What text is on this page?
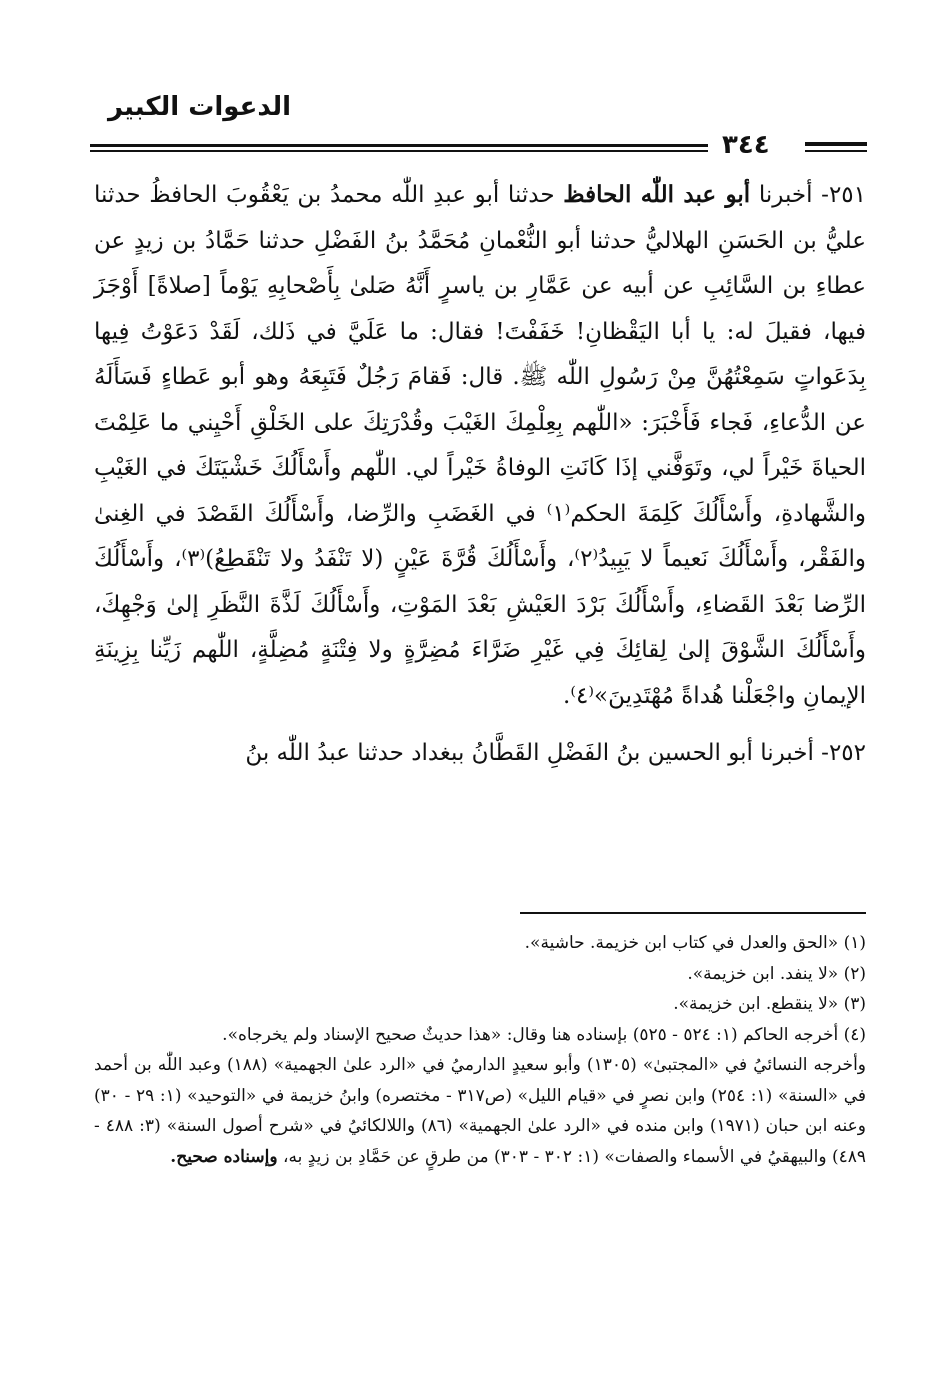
الدعوات الكبير
٣٤٤

٢٥١- أخبرنا أبو عبد اللّٰه الحافظ حدثنا أبو عبدِ اللّٰه محمدُ بن يَعْقُوبَ الحافظُ حدثنا عليُّ بن الحَسَنِ الهلاليُّ حدثنا أبو النُّعْمانِ مُحَمَّدُ بنُ الفَضْلِ حدثنا حَمَّادُ بن زيدٍ عن عطاءِ بن السَّائِبِ عن أبيه عن عَمَّارِ بن ياسرٍ أَنَّهُ صَلىٰ بِأَصْحابِهِ يَوْماً [صلاةً] أَوْجَزَ فيها، فقيلَ له: يا أبا اليَقْظانِ! خَفَفْتَ! فقال: ما عَلَيَّ في ذَلك، لَقَدْ دَعَوْتُ فِيها بِدَعَواتٍ سَمِعْتُهُنَّ مِنْ رَسُولِ اللّٰه ﷺ. قال: فَقامَ رَجُلٌ فَتَبِعَهُ وهو أبو عَطاءٍ فَسَأَلَهُ عن الدُّعاءِ، فَجاء فَأَخْبَرَ: «اللّٰهم بِعِلْمِكَ الغَيْبَ وقُدْرَتِكَ على الخَلْقِ أَحْيِني ما عَلِمْتَ الحياةَ خَيْراً لي، وتَوَفَّني إذَا كَانَتِ الوفاةُ خَيْراً لي. اللّٰهم وأَسْأَلُكَ خَشْيَتَكَ في الغَيْبِ والشَّهادةِ، وأَسْأَلُكَ كَلِمَةَ الحكم⁽١⁾ في الغَضَبِ والرِّضا، وأَسْأَلُكَ القَصْدَ في الغِنىٰ والفَقْر، وأَسْأَلُكَ نَعيماً لا يَبِيدُ⁽٢⁾، وأَسْأَلُكَ قُرَّةَ عَيْنٍ (لا تَنْفَدُ ولا تَنْقَطِعُ)⁽٣⁾، وأَسْأَلُكَ الرِّضا بَعْدَ القَضاءِ، وأَسْأَلُكَ بَرْدَ العَيْشِ بَعْدَ المَوْتِ، وأَسْأَلُكَ لَذَّةَ النَّظَرِ إلىٰ وَجْهِكَ، وأَسْأَلُكَ الشَّوْقَ إلىٰ لِقائِكَ فِي غَيْرِ ضَرَّاءَ مُضِرَّةٍ ولا فِتْنَةٍ مُضِلَّةٍ، اللّٰهم زَيِّنا بِزِينَةِ الإيمانِ واجْعَلْنا هُداةً مُهْتَدِينَ»⁽٤⁾.

٢٥٢- أخبرنا أبو الحسين بنُ الفَضْلِ القَطَّانُ ببغداد حدثنا عبدُ اللّٰه بنُ

(١) «الحق والعدل في كتاب ابن خزيمة. حاشية».

(٢) «لا ينفد. ابن خزيمة».

(٣) «لا ينقطع. ابن خزيمة».

(٤) أخرجه الحاكم (١: ٥٢٤ - ٥٢٥) بإسناده هنا وقال: «هذا حديثٌ صحيح الإسناد ولم يخرجاه».

وأخرجه النسائيُ في «المجتبىٰ» (١٣٠٥) وأبو سعيدٍ الدارميُ في «الرد علىٰ الجهمية» (١٨٨) وعبد اللّٰه بن أحمد في «السنة» (١: ٢٥٤) وابن نصرٍ في «قيام الليل» (ص٣١٧ - مختصره) وابنُ خزيمة في «التوحيد» (١: ٢٩ - ٣٠) وعنه ابن حبان (١٩٧١) وابن منده في «الرد علىٰ الجهمية» (٨٦) واللالكائيُ في «شرح أصول السنة» (٣: ٤٨٨ - ٤٨٩) والبيهقيُ في الأسماء والصفات» (١: ٣٠٢ - ٣٠٣) من طرقٍ عن حَمَّادِ بن زيدٍ به، وإسناده صحيح.
